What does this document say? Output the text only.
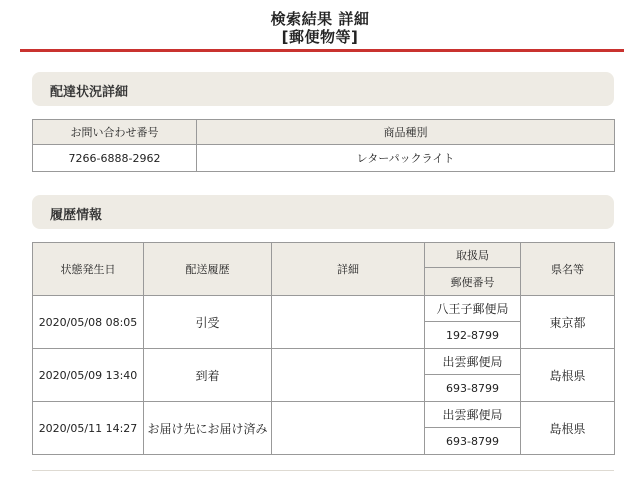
検索結果 詳細
[郵便物等]
配達状況詳細
お問い合わせ番号	商品種別
7266-6888-2962	レターパックライト
履歴情報
状態発生日	配送履歴	詳細	取扱局	県名等
			郵便番号	
2020/05/08 08:05	引受		八王子郵便局	東京都
			192-8799	
2020/05/09 13:40	到着		出雲郵便局	島根県
			693-8799	
2020/05/11 14:27	お届け先にお届け済み		出雲郵便局	島根県
			693-8799	
